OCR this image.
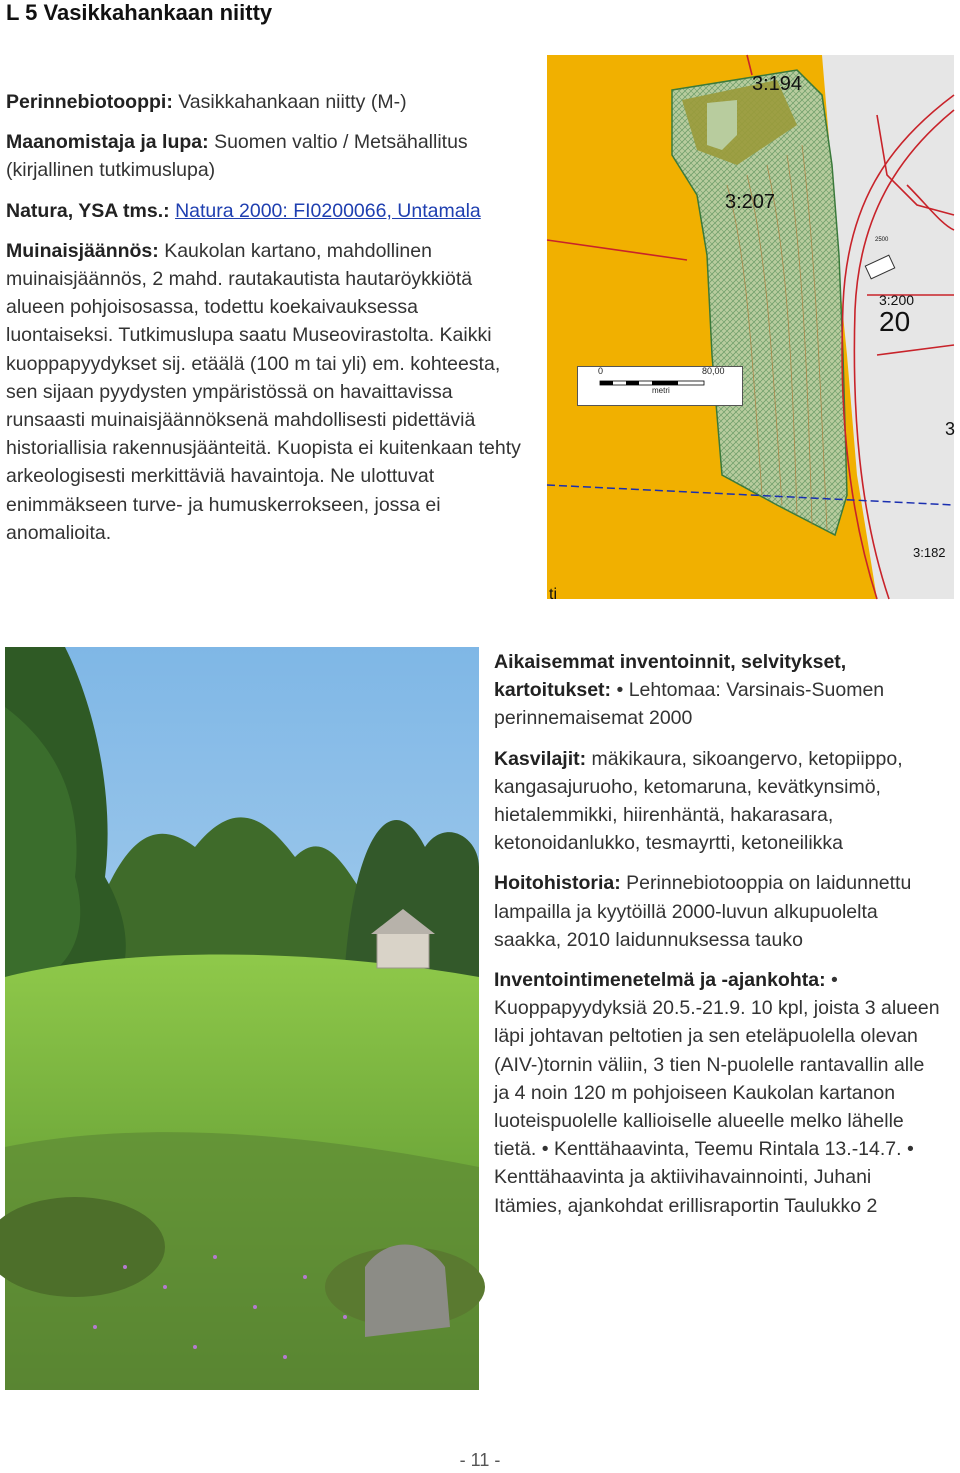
L 5 Vasikkahankaan niitty

Perinnebiotooppi: Vasikkahankaan niitty (M-)

Maanomistaja ja lupa: Suomen valtio / Metsähallitus (kirjallinen tutkimuslupa)

Natura, YSA tms.: Natura 2000: FI0200066, Untamala

Muinaisjäännös: Kaukolan kartano, mahdollinen muinaisjäännös, 2 mahd. rautakautista hautaröykkiötä alueen pohjoisosassa, todettu koekaivauksessa luontaiseksi. Tutkimuslupa saatu Museovirastolta. Kaikki kuoppapyydykset sij. etäälä (100 m tai yli) em. kohteesta, sen sijaan pyydysten ympäristössä on havaittavissa runsaasti muinaisjäännöksenä mahdollisesti pidettäviä historiallisia rakennusjäänteitä. Kuopista ei kuitenkaan tehty arkeologisesti merkittäviä havaintoja. Ne ulottuvat enimmäkseen turve- ja humuskerrokseen, jossa ei anomalioita.

3:194
3:207
3:200
20
3
3:182
ti
2500
0	80,00
metri

Aikaisemmat inventoinnit, selvitykset, kartoitukset: • Lehtomaa: Varsinais-Suomen perinnemaisemat 2000

Kasvilajit: mäkikaura, sikoangervo, ketopiippo, kangasajuruoho, ketomaruna, kevätkynsimö, hietalemmikki, hiirenhäntä, hakarasara, ketonoidanlukko, tesmayrtti, ketoneilikka

Hoitohistoria: Perinnebiotooppia on laidunnettu lampailla ja kyytöillä 2000-luvun alkupuolelta saakka, 2010 laidunnuksessa tauko

Inventointimenetelmä ja -ajankohta: • Kuoppapyydyksiä 20.5.-21.9. 10 kpl, joista 3 alueen läpi johtavan peltotien ja sen eteläpuolella olevan (AIV-)tornin väliin, 3 tien N-puolelle rantavallin alle ja 4 noin 120 m pohjoiseen Kaukolan kartanon luoteispuolelle kallioiselle alueelle melko lähelle tietä. • Kenttähaavinta, Teemu Rintala 13.-14.7. • Kenttähaavinta ja aktiivihavainnointi, Juhani Itämies, ajankohdat erillisraportin Taulukko 2

- 11 -
